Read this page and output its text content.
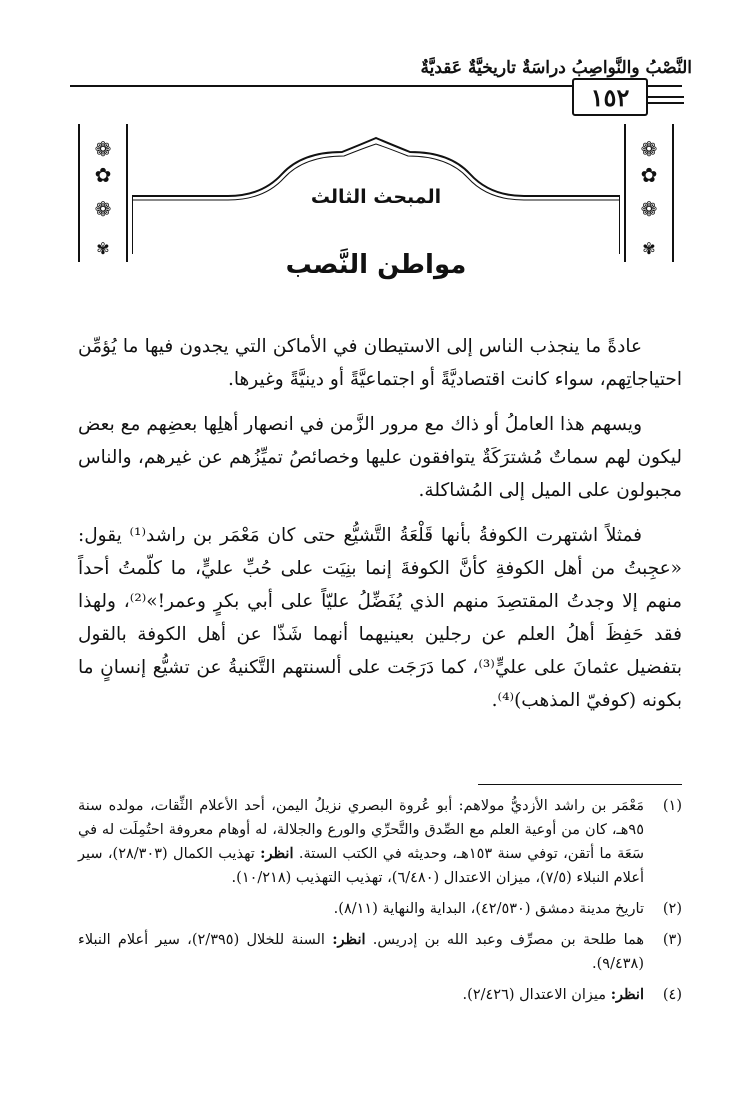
النَّصْبُ والنَّواصِبُ دراسَةٌ تاريخيَّةٌ عَقديَّةٌ
١٥٢
❁
✿
❁
✾
❁
✿
❁
✾
المبحث الثالث
مواطن النَّصب

عادةً ما ينجذب الناس إلى الاستيطان في الأماكن التي يجدون فيها ما يُؤمِّن احتياجاتِهم، سواء كانت اقتصاديَّةً أو اجتماعيَّةً أو دينيَّةً وغيرها.

ويسهم هذا العاملُ أو ذاك مع مرور الزَّمن في انصهار أهلِها بعضِهم مع بعض ليكون لهم سماتٌ مُشترَكَةٌ يتوافقون عليها وخصائصُ تميِّزُهم عن غيرهم، والناس مجبولون على الميل إلى المُشاكلة.

فمثلاً اشتهرت الكوفةُ بأنها قَلْعَةُ التَّشيُّع حتى كان مَعْمَر بن راشد⁽¹⁾ يقول: «عجِبتُ من أهل الكوفةِ كأنَّ الكوفةَ إنما بنِيَت على حُبِّ عليٍّ، ما كلّمتُ أحداً منهم إلا وجدتُ المقتصِدَ منهم الذي يُفَضِّلُ عليّاً على أبي بكرٍ وعمر!»⁽²⁾، ولهذا فقد حَفِظَ أهلُ العلم عن رجلين بعينيهما أنهما شَذّا عن أهل الكوفة بالقول بتفضيل عثمانَ على عليٍّ⁽³⁾، كما دَرَجَت على ألسنتهم التَّكنيةُ عن تشيُّع إنسانٍ ما بكونه (كوفيّ المذهب)⁽⁴⁾.

(١)
مَعْمَر بن راشد الأزديُّ مولاهم: أبو عُروة البصري نزيلُ اليمن، أحد الأعلام الثِّقات، مولده سنة ٩٥هـ، كان من أوعية العلم مع الصِّدق والتَّحرِّي والورع والجلالة، له أوهام معروفة احتُمِلَت له في سَعَة ما أتقن، توفي سنة ١٥٣هـ، وحديثه في الكتب الستة. انظر: تهذيب الكمال (٢٨/٣٠٣)، سير أعلام النبلاء (٧/٥)، ميزان الاعتدال (٦/٤٨٠)، تهذيب التهذيب (١٠/٢١٨).
(٢)
تاريخ مدينة دمشق (٤٢/٥٣٠)، البداية والنهاية (٨/١١).
(٣)
هما طلحة بن مصرِّف وعبد الله بن إدريس. انظر: السنة للخلال (٢/٣٩٥)، سير أعلام النبلاء (٩/٤٣٨).
(٤)
انظر: ميزان الاعتدال (٢/٤٢٦).
